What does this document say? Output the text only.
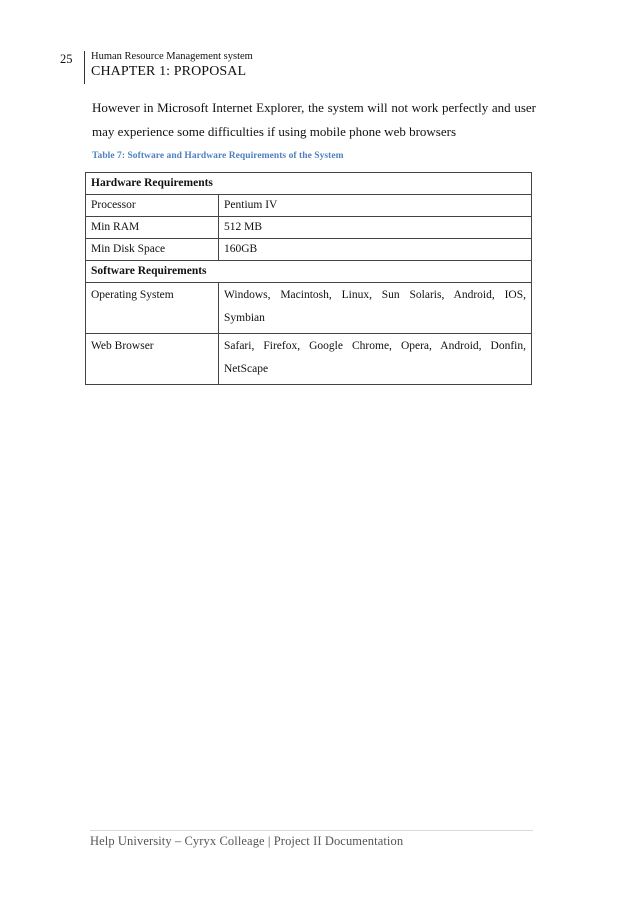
25	Human Resource Management system
CHAPTER 1: PROPOSAL

However in Microsoft Internet Explorer, the system will not work perfectly and user may experience some difficulties if using mobile phone web browsers

Table 7: Software and Hardware Requirements of the System
Hardware Requirements	
Processor	Pentium IV
Min RAM	512 MB
Min Disk Space	160GB
Software Requirements	
Operating System	Windows, Macintosh, Linux, Sun Solaris, Android, IOS, Symbian
Web Browser	Safari, Firefox, Google Chrome, Opera, Android, Donfin, NetScape
Help University – Cyryx Colleage | Project II Documentation
